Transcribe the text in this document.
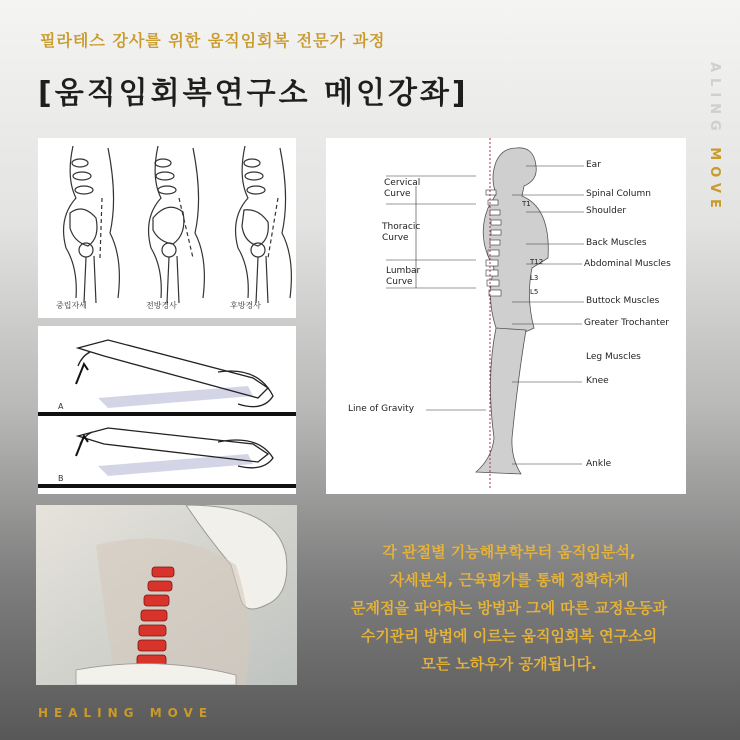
필라테스 강사를 위한 움직임회복 전문가 과정
[움직임회복연구소 메인강좌]	ALING MOVE
중립자세	전방경사	후방경사
A
B
Cervical
Curve
Thoracic
Curve
Lumbar
Curve
Line of Gravity
T1
T12
L3
L5
Ear
Spinal Column
Shoulder
Back Muscles
Abdominal Muscles
Buttock Muscles
Greater Trochanter
Leg Muscles
Knee
Ankle
각 관절별 기능해부학부터 움직임분석,
자세분석, 근육평가를 통해 정확하게
문제점을 파악하는 방법과 그에 따른 교정운동과
수기관리 방법에 이르는 움직임회복 연구소의
모든 노하우가 공개됩니다.
HEALING MOVE
